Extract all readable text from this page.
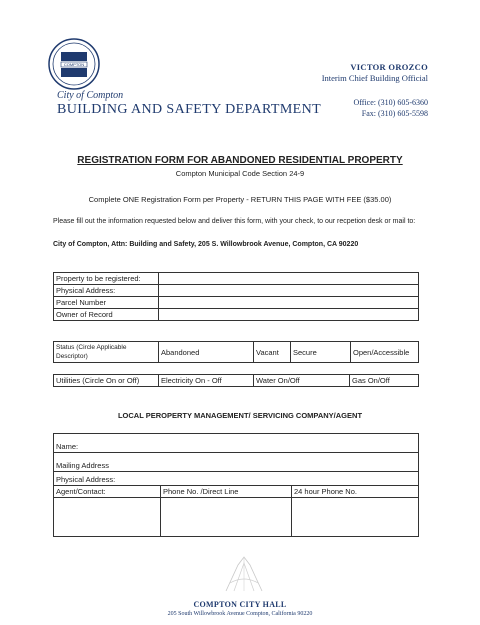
COMPTON	VICTOR OROZCO
Interim Chief Building Official
City of Compton
BUILDING AND SAFETY DEPARTMENT	Office: (310) 605-6360
Fax: (310) 605-5598
REGISTRATION FORM FOR ABANDONED RESIDENTIAL PROPERTY
Compton Municipal Code Section 24-9
Complete ONE Registration Form per Property - RETURN THIS PAGE WITH FEE ($35.00)
Please fill out the information requested below and deliver this form, with your check, to our recpetion desk or mail to:
City of Compton, Attn: Building and Safety, 205 S. Willowbrook Avenue, Compton, CA 90220
Property to be registered:	
Physical Address:	
Parcel Number	
Owner of Record	
Status (Circle Applicable Descriptor)	Abandoned	Vacant	Secure	Open/Accessible
Utilities (Circle On or Off)	Electricity On - Off	Water On/Off	Gas On/Off
LOCAL PEROPERTY MANAGEMENT/ SERVICING COMPANY/AGENT
Name:		
Mailing Address		
Physical Address:		
Agent/Contact:	Phone No. /Direct Line	24 hour Phone No.

COMPTON CITY HALL
205 South Willowbrook Avenue Compton, California 90220
